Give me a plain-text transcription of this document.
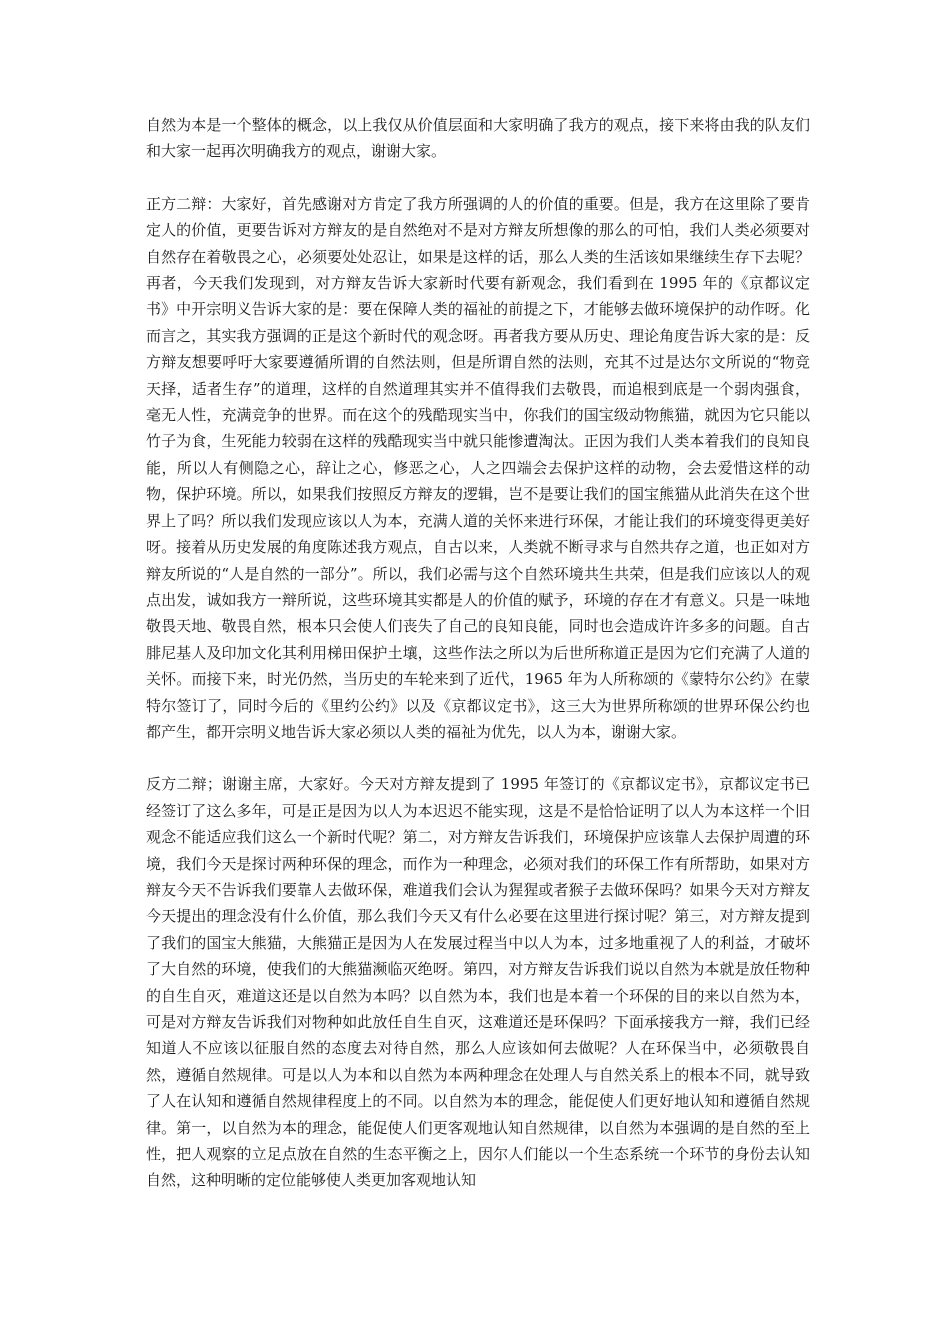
自然为本是一个整体的概念，以上我仅从价值层面和大家明确了我方的观点，接下来将由我的队友们和大家一起再次明确我方的观点，谢谢大家。

正方二辩：大家好，首先感谢对方肯定了我方所强调的人的价值的重要。但是，我方在这里除了要肯定人的价值，更要告诉对方辩友的是自然绝对不是对方辩友所想像的那么的可怕，我们人类必须要对自然存在着敬畏之心，必须要处处忍让，如果是这样的话，那么人类的生活该如果继续生存下去呢？再者，今天我们发现到，对方辩友告诉大家新时代要有新观念，我们看到在 1995 年的《京都议定书》中开宗明义告诉大家的是：要在保障人类的福祉的前提之下，才能够去做环境保护的动作呀。化而言之，其实我方强调的正是这个新时代的观念呀。再者我方要从历史、理论角度告诉大家的是：反方辩友想要呼吁大家要遵循所谓的自然法则，但是所谓自然的法则，充其不过是达尔文所说的“物竞天择，适者生存”的道理，这样的自然道理其实并不值得我们去敬畏，而追根到底是一个弱肉强食，毫无人性，充满竞争的世界。而在这个的残酷现实当中，你我们的国宝级动物熊猫，就因为它只能以竹子为食，生死能力较弱在这样的残酷现实当中就只能惨遭淘汰。正因为我们人类本着我们的良知良能，所以人有侧隐之心，辞让之心，修恶之心，人之四端会去保护这样的动物，会去爱惜这样的动物，保护环境。所以，如果我们按照反方辩友的逻辑，岂不是要让我们的国宝熊猫从此消失在这个世界上了吗？所以我们发现应该以人为本，充满人道的关怀来进行环保，才能让我们的环境变得更美好呀。接着从历史发展的角度陈述我方观点，自古以来，人类就不断寻求与自然共存之道，也正如对方辩友所说的“人是自然的一部分”。所以，我们必需与这个自然环境共生共荣，但是我们应该以人的观点出发，诚如我方一辩所说，这些环境其实都是人的价值的赋予，环境的存在才有意义。只是一味地敬畏天地、敬畏自然，根本只会使人们丧失了自己的良知良能，同时也会造成许许多多的问题。自古腓尼基人及印加文化其利用梯田保护土壤，这些作法之所以为后世所称道正是因为它们充满了人道的关怀。而接下来，时光仍然，当历史的车轮来到了近代，1965 年为人所称颂的《蒙特尔公约》在蒙特尔签订了，同时今后的《里约公约》以及《京都议定书》，这三大为世界所称颂的世界环保公约也都产生，都开宗明义地告诉大家必须以人类的福祉为优先，以人为本，谢谢大家。

反方二辩；谢谢主席，大家好。今天对方辩友提到了 1995 年签订的《京都议定书》，京都议定书已经签订了这么多年，可是正是因为以人为本迟迟不能实现，这是不是恰恰证明了以人为本这样一个旧观念不能适应我们这么一个新时代呢？第二，对方辩友告诉我们，环境保护应该靠人去保护周遭的环境，我们今天是探讨两种环保的理念，而作为一种理念，必须对我们的环保工作有所帮助，如果对方辩友今天不告诉我们要靠人去做环保，难道我们会认为猩猩或者猴子去做环保吗？如果今天对方辩友今天提出的理念没有什么价值，那么我们今天又有什么必要在这里进行探讨呢？第三，对方辩友提到了我们的国宝大熊猫，大熊猫正是因为人在发展过程当中以人为本，过多地重视了人的利益，才破坏了大自然的环境，使我们的大熊猫濒临灭绝呀。第四，对方辩友告诉我们说以自然为本就是放任物种的自生自灭，难道这还是以自然为本吗？以自然为本，我们也是本着一个环保的目的来以自然为本，可是对方辩友告诉我们对物种如此放任自生自灭，这难道还是环保吗？下面承接我方一辩，我们已经知道人不应该以征服自然的态度去对待自然，那么人应该如何去做呢？人在环保当中，必须敬畏自然，遵循自然规律。可是以人为本和以自然为本两种理念在处理人与自然关系上的根本不同，就导致了人在认知和遵循自然规律程度上的不同。以自然为本的理念，能促使人们更好地认知和遵循自然规律。第一，以自然为本的理念，能促使人们更客观地认知自然规律，以自然为本强调的是自然的至上性，把人观察的立足点放在自然的生态平衡之上，因尔人们能以一个生态系统一个环节的身份去认知自然，这种明晰的定位能够使人类更加客观地认知
